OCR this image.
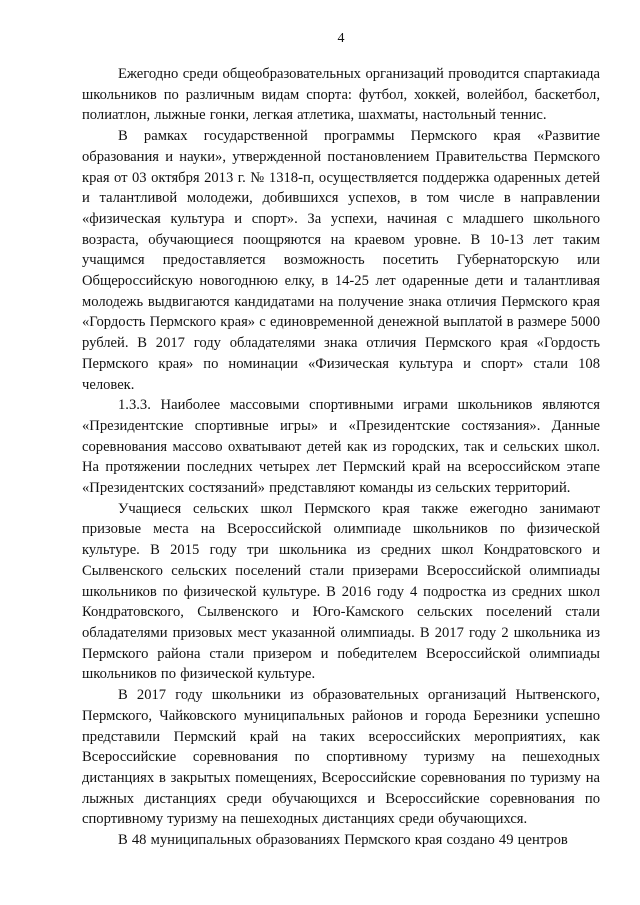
4

Ежегодно среди общеобразовательных организаций проводится спартакиада школьников по различным видам спорта: футбол, хоккей, волейбол, баскетбол, полиатлон, лыжные гонки, легкая атлетика, шахматы, настольный теннис.

В рамках государственной программы Пермского края «Развитие образования и науки», утвержденной постановлением Правительства Пермского края от 03 октября 2013 г. № 1318-п, осуществляется поддержка одаренных детей и талантливой молодежи, добившихся успехов, в том числе в направлении «физическая культура и спорт». За успехи, начиная с младшего школьного возраста, обучающиеся поощряются на краевом уровне. В 10-13 лет таким учащимся предоставляется возможность посетить Губернаторскую или Общероссийскую новогоднюю елку, в 14-25 лет одаренные дети и талантливая молодежь выдвигаются кандидатами на получение знака отличия Пермского края «Гордость Пермского края» с единовременной денежной выплатой в размере 5000 рублей. В 2017 году обладателями знака отличия Пермского края «Гордость Пермского края» по номинации «Физическая культура и спорт» стали 108 человек.

1.3.3. Наиболее массовыми спортивными играми школьников являются «Президентские спортивные игры» и «Президентские состязания». Данные соревнования массово охватывают детей как из городских, так и сельских школ. На протяжении последних четырех лет Пермский край на всероссийском этапе «Президентских состязаний» представляют команды из сельских территорий.

Учащиеся сельских школ Пермского края также ежегодно занимают призовые места на Всероссийской олимпиаде школьников по физической культуре. В 2015 году три школьника из средних школ Кондратовского и Сылвенского сельских поселений стали призерами Всероссийской олимпиады школьников по физической культуре. В 2016 году 4 подростка из средних школ Кондратовского, Сылвенского и Юго-Камского сельских поселений стали обладателями призовых мест указанной олимпиады. В 2017 году 2 школьника из Пермского района стали призером и победителем Всероссийской олимпиады школьников по физической культуре.

В 2017 году школьники из образовательных организаций Нытвенского, Пермского, Чайковского муниципальных районов и города Березники успешно представили Пермский край на таких всероссийских мероприятиях, как Всероссийские соревнования по спортивному туризму на пешеходных дистанциях в закрытых помещениях, Всероссийские соревнования по туризму на лыжных дистанциях среди обучающихся и Всероссийские соревнования по спортивному туризму на пешеходных дистанциях среди обучающихся.

В 48 муниципальных образованиях Пермского края создано 49 центров
